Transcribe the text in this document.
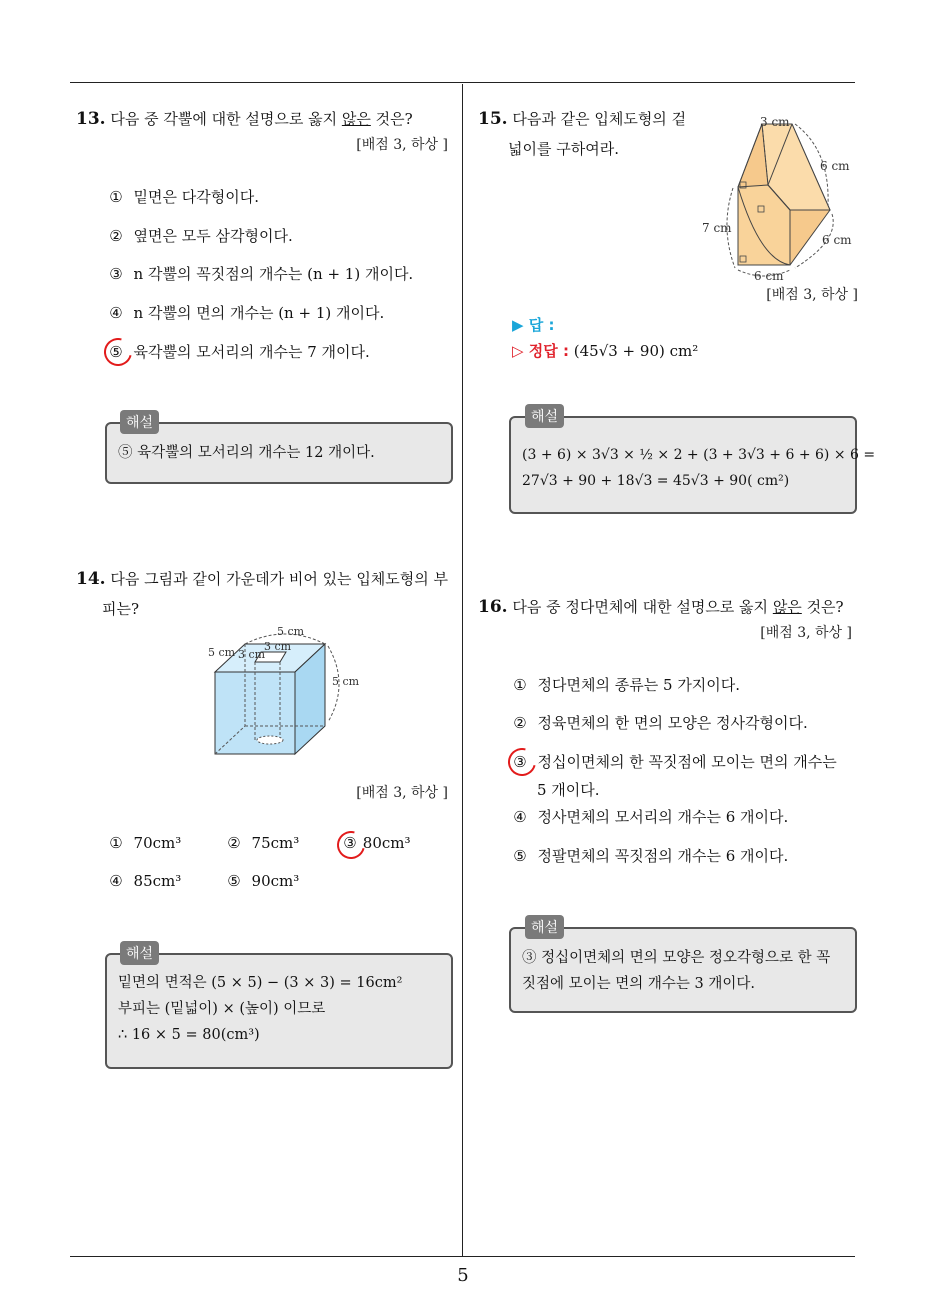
13. 다음 중 각뿔에 대한 설명으로 옳지 않은 것은?
[배점 3, 하상 ]
① 밑면은 다각형이다.
② 옆면은 모두 삼각형이다.
③ n 각뿔의 꼭짓점의 개수는 (n + 1) 개이다.
④ n 각뿔의 면의 개수는 (n + 1) 개이다.
⑤ 육각뿔의 모서리의 개수는 7 개이다.
해설
⑤ 육각뿔의 모서리의 개수는 12 개이다.
14. 다음 그림과 같이 가운데가 비어 있는 입체도형의 부
피는?
5 cm
5 cm 3 cm
3 cm
5 cm
[배점 3, 하상 ]
① 70cm³	② 75cm³	③ 80cm³
④ 85cm³	⑤ 90cm³
해설
밑면의 면적은 (5 × 5) − (3 × 3) = 16cm²
부피는 (밑넓이) × (높이) 이므로
∴ 16 × 5 = 80(cm³)
15. 다음과 같은 입체도형의 겉
넓이를 구하여라.
3 cm
6 cm
7 cm
6 cm
6 cm
[배점 3, 하상 ]
▶ 답 :
▷ 정답 : (45√3 + 90) cm²
해설
(3 + 6) × 3√3 × ½ × 2 + (3 + 3√3 + 6 + 6) × 6 =
27√3 + 90 + 18√3 = 45√3 + 90( cm²)
16. 다음 중 정다면체에 대한 설명으로 옳지 않은 것은?
[배점 3, 하상 ]
① 정다면체의 종류는 5 가지이다.
② 정육면체의 한 면의 모양은 정사각형이다.
③ 정십이면체의 한 꼭짓점에 모이는 면의 개수는
5 개이다.
④ 정사면체의 모서리의 개수는 6 개이다.
⑤ 정팔면체의 꼭짓점의 개수는 6 개이다.
해설
③ 정십이면체의 면의 모양은 정오각형으로 한 꼭
짓점에 모이는 면의 개수는 3 개이다.
5
